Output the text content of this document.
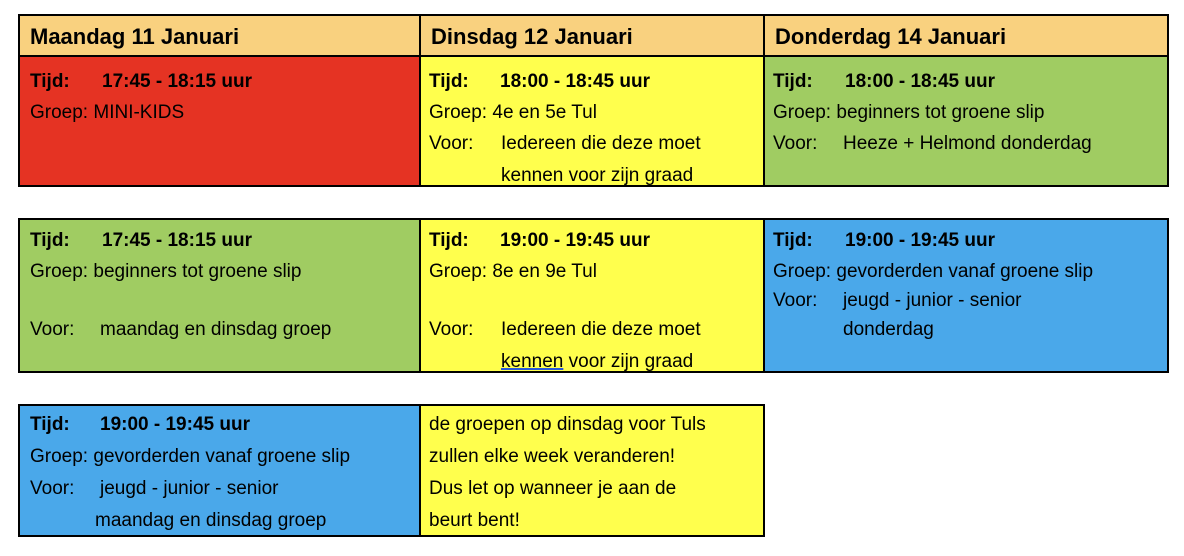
Maandag 11 Januari	Dinsdag 12 Januari	Donderdag 14 Januari
Tijd: 17:45 - 18:15 uur
Groep: MINI-KIDS
Tijd: 18:00 - 18:45 uur
Groep: 4e en 5e Tul
Voor: Iedereen die deze moet
kennen voor zijn graad
Tijd: 18:00 - 18:45 uur
Groep: beginners tot groene slip
Voor: Heeze + Helmond donderdag
Tijd: 17:45 - 18:15 uur
Groep: beginners tot groene slip
Voor: maandag en dinsdag groep
Tijd: 19:00 - 19:45 uur
Groep: 8e en 9e Tul
Voor: Iedereen die deze moet
kennen voor zijn graad
Tijd: 19:00 - 19:45 uur
Groep: gevorderden vanaf groene slip
Voor: jeugd - junior - senior
donderdag
Tijd: 19:00 - 19:45 uur
Groep: gevorderden vanaf groene slip
Voor: jeugd - junior - senior
maandag en dinsdag groep
de groepen op dinsdag voor Tuls
zullen elke week veranderen!
Dus let op wanneer je aan de
beurt bent!
